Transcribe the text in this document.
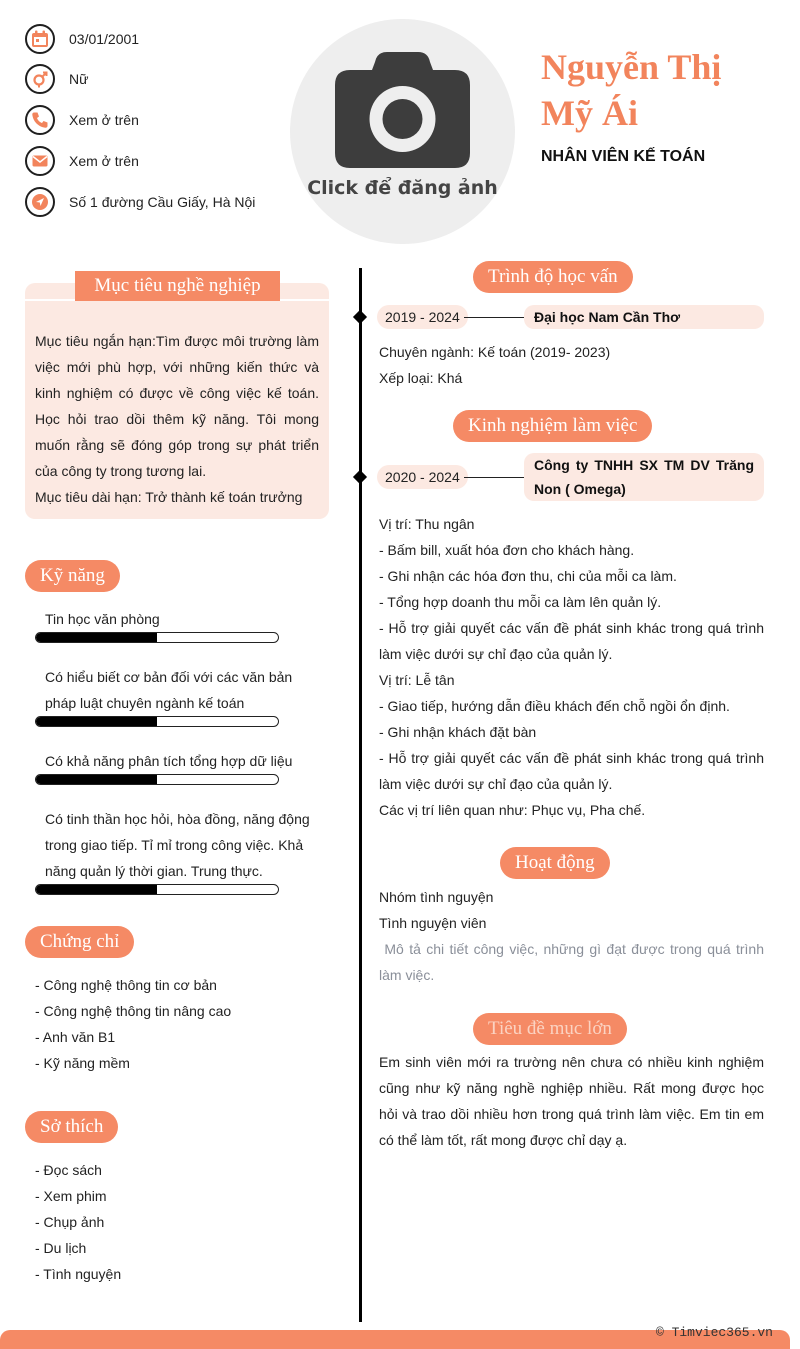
03/01/2001
Nữ
Xem ở trên
Xem ở trên
Số 1 đường Cầu Giấy, Hà Nội
Click để đăng ảnh
Nguyễn Thị
Mỹ Ái
NHÂN VIÊN KẾ TOÁN
Mục tiêu nghề nghiệp
Mục tiêu ngắn hạn:Tìm được môi trường làm việc mới phù hợp, với những kiến thức và kinh nghiệm có được về công việc kế toán. Học hỏi trao dồi thêm kỹ năng. Tôi mong muốn rằng sẽ đóng góp trong sự phát triển của công ty trong tương lai.
Mục tiêu dài hạn: Trở thành kế toán trưởng
Kỹ năng
Tin học văn phòng
Có hiểu biết cơ bản đối với các văn bản pháp luật chuyên ngành kế toán
Có khả năng phân tích tổng hợp dữ liệu
Có tinh thần học hỏi, hòa đồng, năng động trong giao tiếp. Tỉ mỉ trong công việc. Khả năng quản lý thời gian. Trung thực.
Chứng chỉ
- Công nghệ thông tin cơ bản
- Công nghệ thông tin nâng cao
- Anh văn B1
- Kỹ năng mềm
Sở thích
- Đọc sách
- Xem phim
- Chụp ảnh
- Du lịch
- Tình nguyện
Trình độ học vấn
2019 - 2024	Đại học Nam Cần Thơ
Chuyên ngành: Kế toán (2019- 2023)
Xếp loại: Khá
Kinh nghiệm làm việc
2020 - 2024
Công ty TNHH SX TM DV Trăng Non ( Omega)
Vị trí: Thu ngân
- Bấm bill, xuất hóa đơn cho khách hàng.
- Ghi nhận các hóa đơn thu, chi của mỗi ca làm.
- Tổng hợp doanh thu mỗi ca làm lên quản lý.
- Hỗ trợ giải quyết các vấn đề phát sinh khác trong quá trình làm việc dưới sự chỉ đạo của quản lý.
Vị trí: Lễ tân
- Giao tiếp, hướng dẫn điều khách đến chỗ ngồi ổn định.
- Ghi nhận khách đặt bàn
- Hỗ trợ giải quyết các vấn đề phát sinh khác trong quá trình làm việc dưới sự chỉ đạo của quản lý.
Các vị trí liên quan như: Phục vụ, Pha chế.
Hoạt động
Nhóm tình nguyện
Tình nguyện viên
Mô tả chi tiết công việc, những gì đạt được trong quá trình làm việc.
Tiêu đề mục lớn
Em sinh viên mới ra trường nên chưa có nhiều kinh nghiệm cũng như kỹ năng nghề nghiệp nhiều. Rất mong được học hỏi và trao dồi nhiều hơn trong quá trình làm việc. Em tin em có thể làm tốt, rất mong được chỉ dạy ạ.
© Timviec365.vn
